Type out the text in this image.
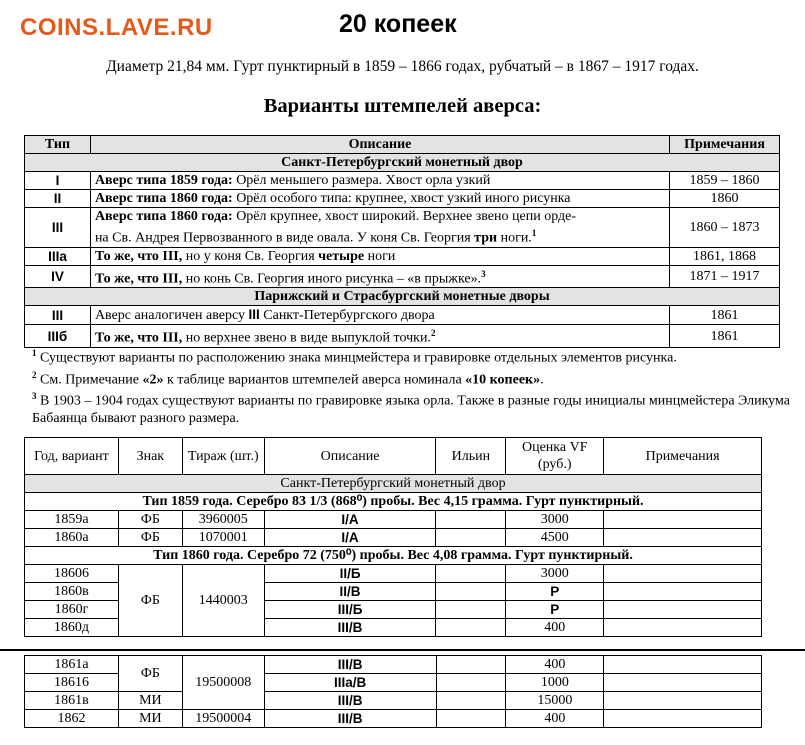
COINS.LAVE.RU	20 копеек
Диаметр 21,84 мм. Гурт пунктирный в 1859 – 1866 годах, рубчатый – в 1867 – 1917 годах.
Варианты штемпелей аверса:
Тип	Описание	Примечания
Санкт-Петербургский монетный двор		
I	Аверс типа 1859 года: Орёл меньшего размера. Хвост орла узкий	1859 – 1860
II	Аверс типа 1860 года: Орёл особого типа: крупнее, хвост узкий иного рисунка	1860
III	Аверс типа 1860 года: Орёл крупнее, хвост широкий. Верхнее звено цепи орде-
на Св. Андрея Первозванного в виде овала. У коня Св. Георгия три ноги.$^1$	1860 – 1873
IIIa	То же, что III, но у коня Св. Георгия четыре ноги	1861, 1868
IV	То же, что III, но конь Св. Георгия иного рисунка – «в прыжке».$^3$	1871 – 1917
Парижский и Страсбургский монетные дворы		
III	Аверс аналогичен аверсу III Санкт-Петербургского двора	1861
IIIб	То же, что III, но верхнее звено в виде выпуклой точки.$^2$	1861
$^1$ Существуют варианты по расположению знака минцмейстера и гравировке отдельных элементов рисунка.
$^2$ См. Примечание «2» к таблице вариантов штемпелей аверса номинала «10 копеек».
$^3$ В 1903 – 1904 годах существуют варианты по гравировке языка орла. Также в разные годы инициалы минцмейстера Эликума Бабаянца бывают разного размера.
Год, вариант	Знак	Тираж (шт.)	Описание	Ильин	Оценка VF (руб.)	Примечания
Санкт-Петербургский монетный двор						
Тип 1859 года. Серебро 83 1/3 (868⁰) пробы. Вес 4,15 грамма. Гурт пунктирный.						
1859а	ФБ	3960005	I/A		3000	
1860а	ФБ	1070001	I/A		4500	
Тип 1860 года. Серебро 72 (750⁰) пробы. Вес 4,08 грамма. Гурт пунктирный.						
18606	ФБ	1440003	II/Б		3000	
1860в			II/B		Р	
1860г			III/Б		Р	
1860д			III/B		400	
1861а	ФБ	19500008	III/B		400	
18616			IIIa/B		1000	
1861в	МИ		III/B		15000	
1862	МИ	19500004	III/B		400	
